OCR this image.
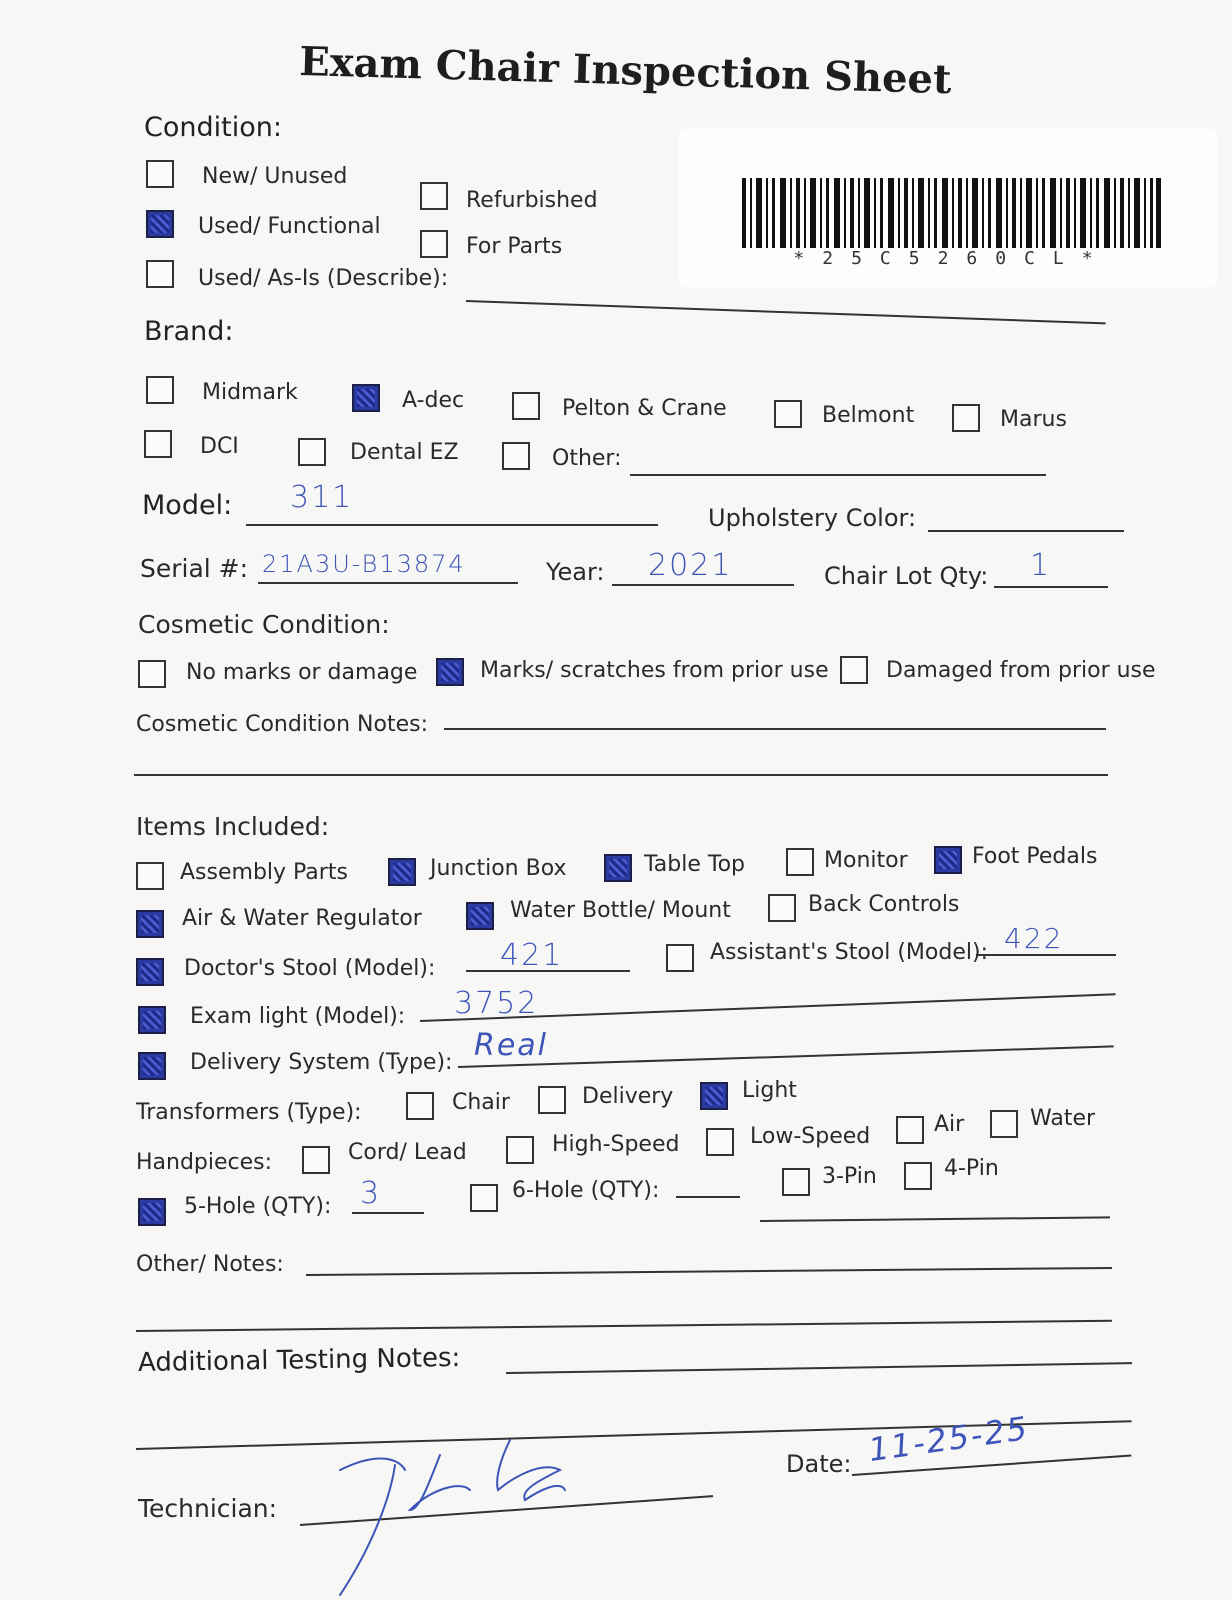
Exam Chair Inspection Sheet
*25C5260CL*
Condition:
New/ Unused
Refurbished
Used/ Functional
For Parts
Used/ As-Is (Describe):
Brand:
Midmark	A-dec	Pelton & Crane	Belmont	Marus
DCI	Dental EZ	Other:
Model: 311
Upholstery Color:
Serial #: 21A3U-B13874	Year: 2021	Chair Lot Qty: 1
Cosmetic Condition:
No marks or damage	Marks/ scratches from prior use	Damaged from prior use
Cosmetic Condition Notes:
Items Included:
Assembly Parts	Junction Box	Table Top	Monitor	Foot Pedals
Air & Water Regulator	Water Bottle/ Mount	Back Controls
Doctor's Stool (Model): 421	Assistant's Stool (Model): 422
Exam light (Model): 3752
Delivery System (Type): Real
Transformers (Type):	Chair	Delivery	Light
Air	Water
Handpieces:	Cord/ Lead	High-Speed	Low-Speed
5-Hole (QTY): 3	6-Hole (QTY):
3-Pin	4-Pin
Other/ Notes:
Additional Testing Notes:
Date: 11-25-25
Technician:
